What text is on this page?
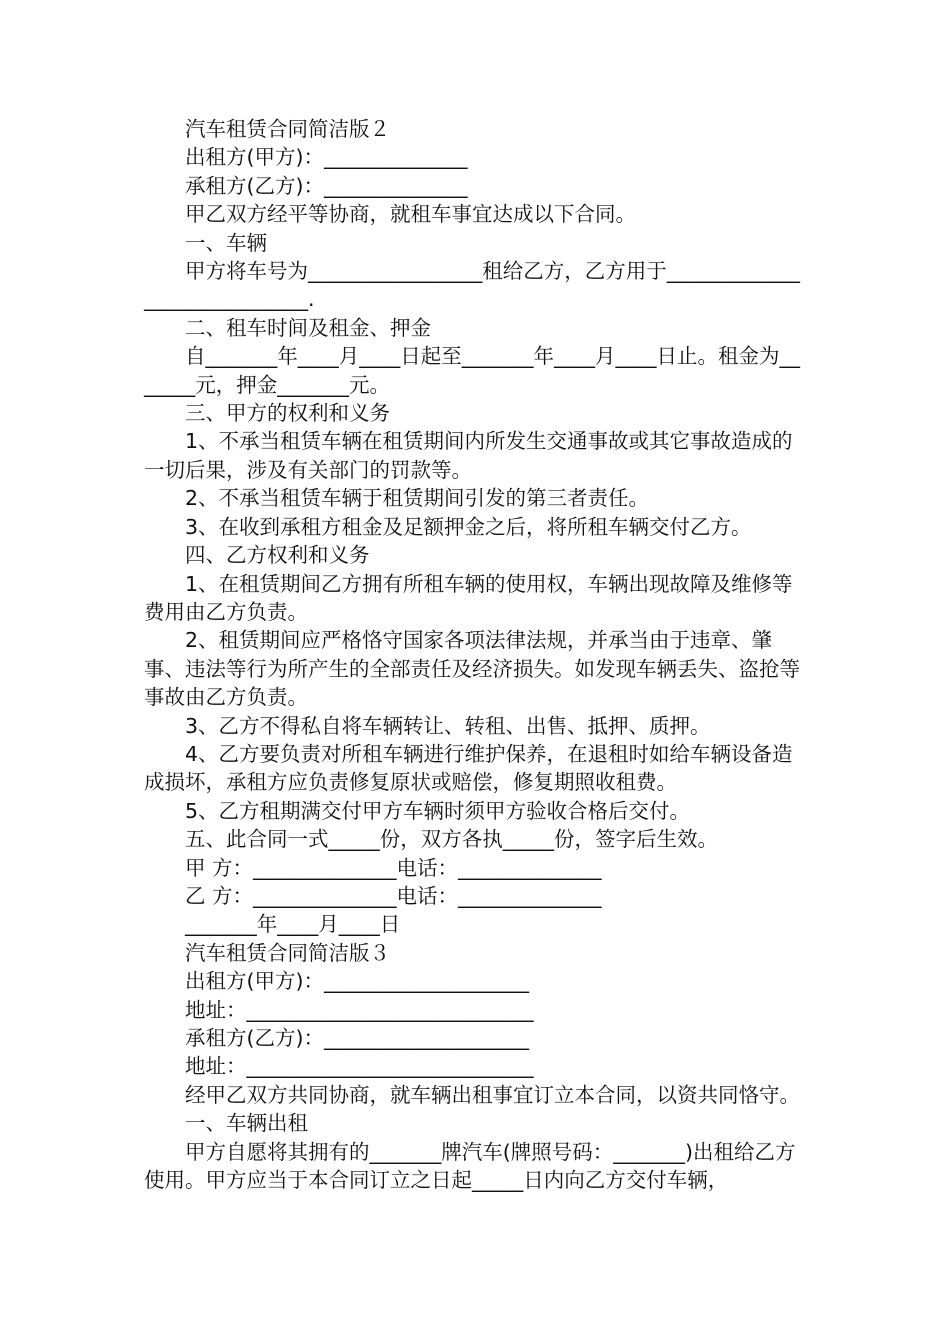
汽车租赁合同简洁版２

出租方(甲方)：______________

承租方(乙方)：______________

甲乙双方经平等协商，就租车事宜达成以下合同。

一、车辆

甲方将车号为_________________租给乙方，乙方用于_____________________________.

二、租车时间及租金、押金

自_______年____月____日起至_______年____月____日止。租金为_______元，押金_______元。

三、甲方的权利和义务

1、不承当租赁车辆在租赁期间内所发生交通事故或其它事故造成的一切后果，涉及有关部门的罚款等。

2、不承当租赁车辆于租赁期间引发的第三者责任。

3、在收到承租方租金及足额押金之后，将所租车辆交付乙方。

四、乙方权利和义务

1、在租赁期间乙方拥有所租车辆的使用权，车辆出现故障及维修等费用由乙方负责。

2、租赁期间应严格恪守国家各项法律法规，并承当由于违章、肇事、违法等行为所产生的全部责任及经济损失。如发现车辆丢失、盗抢等事故由乙方负责。

3、乙方不得私自将车辆转让、转租、出售、抵押、质押。

4、乙方要负责对所租车辆进行维护保养，在退租时如给车辆设备造成损坏，承租方应负责修复原状或赔偿，修复期照收租费。

5、乙方租期满交付甲方车辆时须甲方验收合格后交付。

五、此合同一式_____份，双方各执_____份，签字后生效。

甲 方：______________电话：______________

乙 方：______________电话：______________

_______年____月____日

汽车租赁合同简洁版３

出租方(甲方)：____________________

地址：____________________________

承租方(乙方)：____________________

地址：____________________________

经甲乙双方共同协商，就车辆出租事宜订立本合同，以资共同恪守。

一、车辆出租

甲方自愿将其拥有的_______牌汽车(牌照号码：_______)出租给乙方使用。甲方应当于本合同订立之日起_____日内向乙方交付车辆，
